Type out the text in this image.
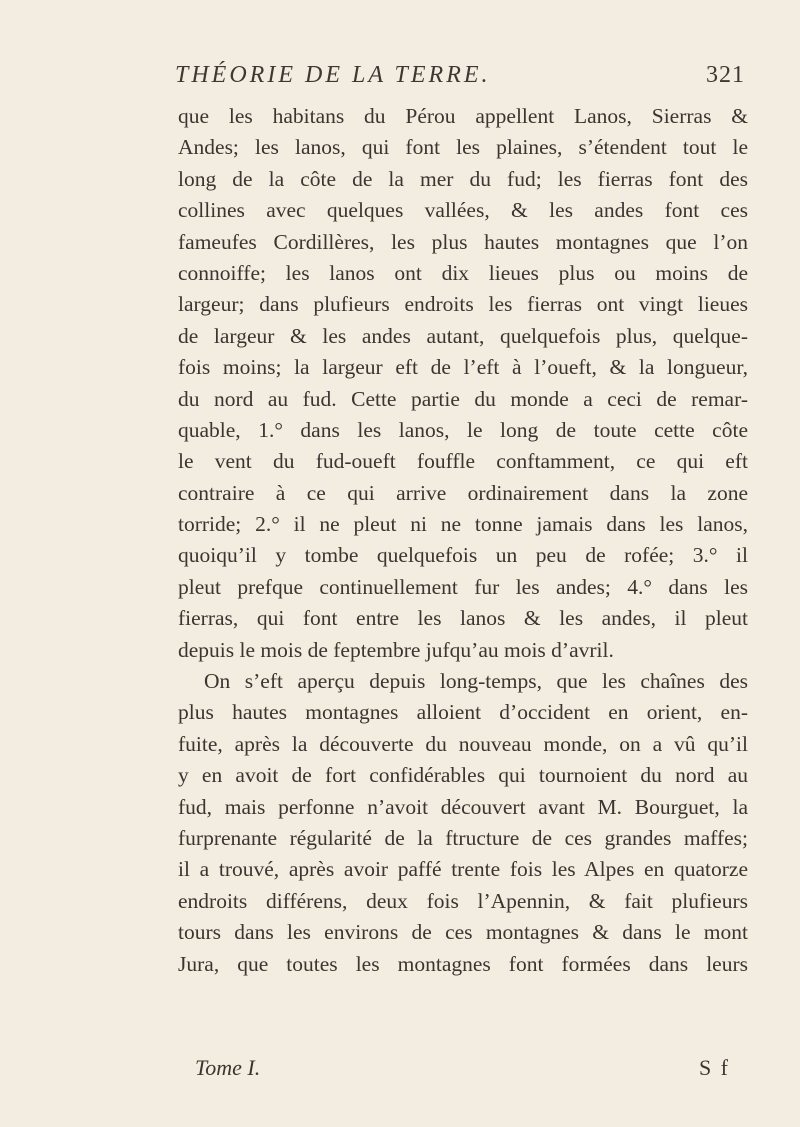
THÉORIE DE LA TERRE.	321
que les habitans du Pérou appellent Lanos, Sierras &
Andes; les lanos, qui font les plaines, s’étendent tout le
long de la côte de la mer du fud; les fierras font des
collines avec quelques vallées, & les andes font ces
fameufes Cordillères, les plus hautes montagnes que l’on
connoiffe; les lanos ont dix lieues plus ou moins de
largeur; dans plufieurs endroits les fierras ont vingt lieues
de largeur & les andes autant, quelquefois plus, quelque-
fois moins; la largeur eft de l’eft à l’oueft, & la longueur,
du nord au fud. Cette partie du monde a ceci de remar-
quable, 1.° dans les lanos, le long de toute cette côte
le vent du fud-oueft fouffle conftamment, ce qui eft
contraire à ce qui arrive ordinairement dans la zone
torride; 2.° il ne pleut ni ne tonne jamais dans les lanos,
quoiqu’il y tombe quelquefois un peu de rofée; 3.° il
pleut prefque continuellement fur les andes; 4.° dans les
fierras, qui font entre les lanos & les andes, il pleut
depuis le mois de feptembre jufqu’au mois d’avril.
On s’eft aperçu depuis long-temps, que les chaînes des
plus hautes montagnes alloient d’occident en orient, en-
fuite, après la découverte du nouveau monde, on a vû qu’il
y en avoit de fort confidérables qui tournoient du nord au
fud, mais perfonne n’avoit découvert avant M. Bourguet, la
furprenante régularité de la ftructure de ces grandes maffes;
il a trouvé, après avoir paffé trente fois les Alpes en quatorze
endroits différens, deux fois l’Apennin, & fait plufieurs
tours dans les environs de ces montagnes & dans le mont
Jura, que toutes les montagnes font formées dans leurs
Tome I.	S f
